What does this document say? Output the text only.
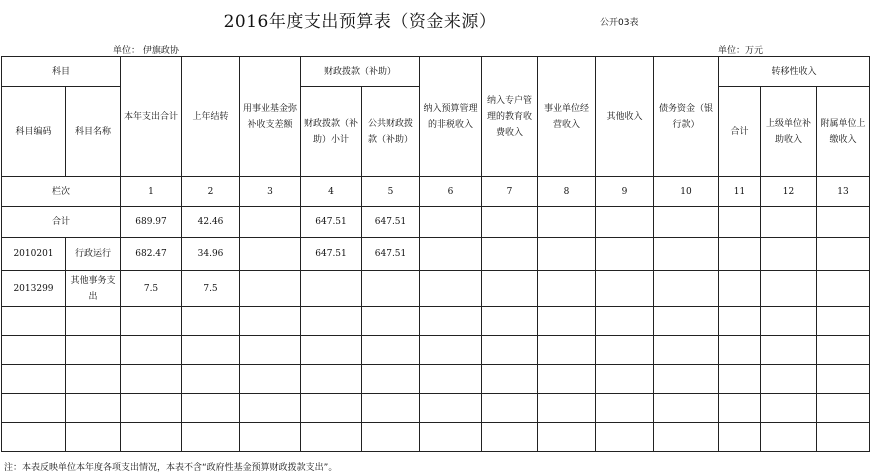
2016年度支出预算表（资金来源）	公开03表
单位： 伊旗政协	单位：万元
科目		本年支出合计	上年结转	用事业基金弥补收支差额	财政拨款（补助）		纳入预算管理的非税收入	纳入专户管理的教育收费收入	事业单位经营收入	其他收入	债务资金（银行款）	转移性收入		
科目编码	科目名称				财政拨款（补助）小计	公共财政拨款（补助）						合计	上级单位补助收入	附属单位上缴收入
栏次		1	2	3	4	5	6	7	8	9	10	11	12	13
合计		689.97	42.46		647.51	647.51								
2010201	行政运行	682.47	34.96		647.51	647.51								
2013299	其他事务支出	7.5	7.5											

注：本表反映单位本年度各项支出情况，本表不含“政府性基金预算财政拨款支出”。
